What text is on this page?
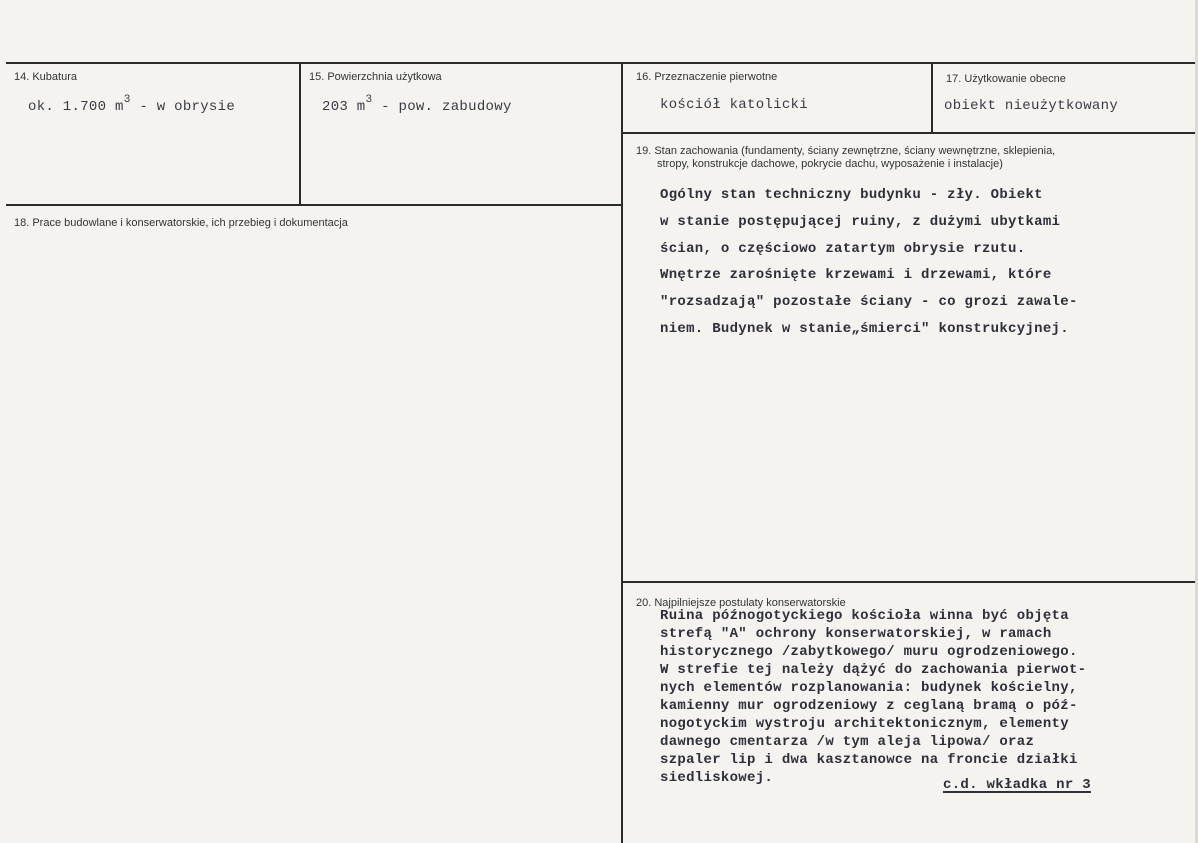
14. Kubatura
ok. 1.700 $m^3$ - w obrysie
15. Powierzchnia użytkowa
203 $m^3$ - pow. zabudowy
16. Przeznaczenie pierwotne
kościół katolicki
17. Użytkowanie obecne
obiekt nieużytkowany
18. Prace budowlane i konserwatorskie, ich przebieg i dokumentacja
19. Stan zachowania (fundamenty, ściany zewnętrzne, ściany wewnętrzne, sklepienia,
stropy, konstrukcje dachowe, pokrycie dachu, wyposażenie i instalacje)
Ogólny stan techniczny budynku - zły. Obiekt
w stanie postępującej ruiny, z dużymi ubytkami
ścian, o częściowo zatartym obrysie rzutu.
Wnętrze zarośnięte krzewami i drzewami, które
"rozsadzają" pozostałe ściany - co grozi zawale-
niem. Budynek w stanie„śmierci" konstrukcyjnej.
20. Najpilniejsze postulaty konserwatorskie
Ruina późnogotyckiego kościoła winna być objęta
strefą "A" ochrony konserwatorskiej, w ramach
historycznego /zabytkowego/ muru ogrodzeniowego.
W strefie tej należy dążyć do zachowania pierwot-
nych elementów rozplanowania: budynek kościelny,
kamienny mur ogrodzeniowy z ceglaną bramą o póź-
nogotyckim wystroju architektonicznym, elementy
dawnego cmentarza /w tym aleja lipowa/ oraz
szpaler lip i dwa kasztanowce na froncie działki
siedliskowej.	c.d. wkładka nr 3
